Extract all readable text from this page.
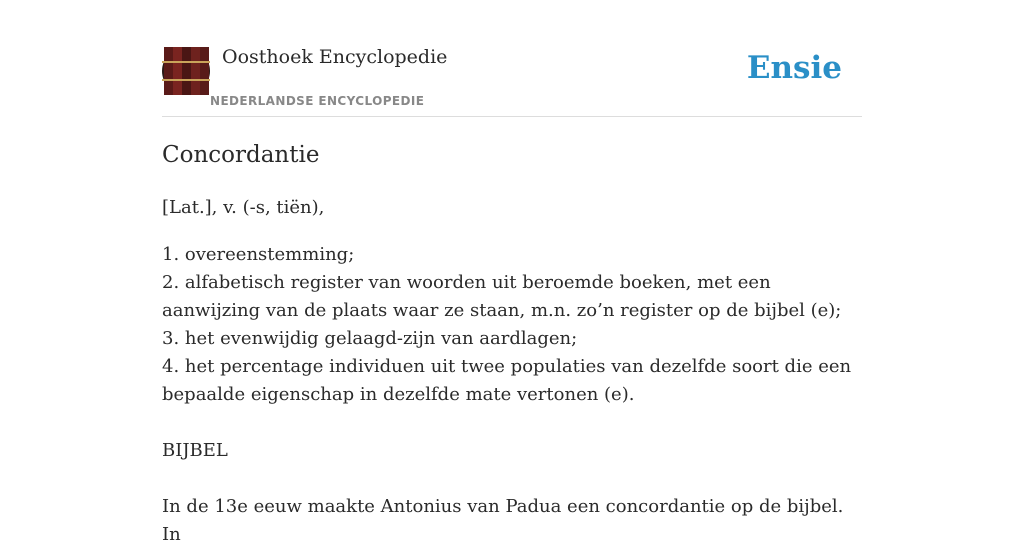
Oosthoek Encyclopedie
NEDERLANDSE ENCYCLOPEDIE
Ensie
Concordantie

[Lat.], v. (-s, tiën),

1. overeenstemming;

2. alfabetisch register van woorden uit beroemde boeken, met een aanwijzing van de plaats waar ze staan, m.n. zo’n register op de bijbel (e);

3. het evenwijdig gelaagd-zijn van aardlagen;

4. het percentage individuen uit twee populaties van dezelfde soort die een bepaalde eigenschap in dezelfde mate vertonen (e).

BIJBEL

In de 13e eeuw maakte Antonius van Padua een concordantie op de bijbel. In
